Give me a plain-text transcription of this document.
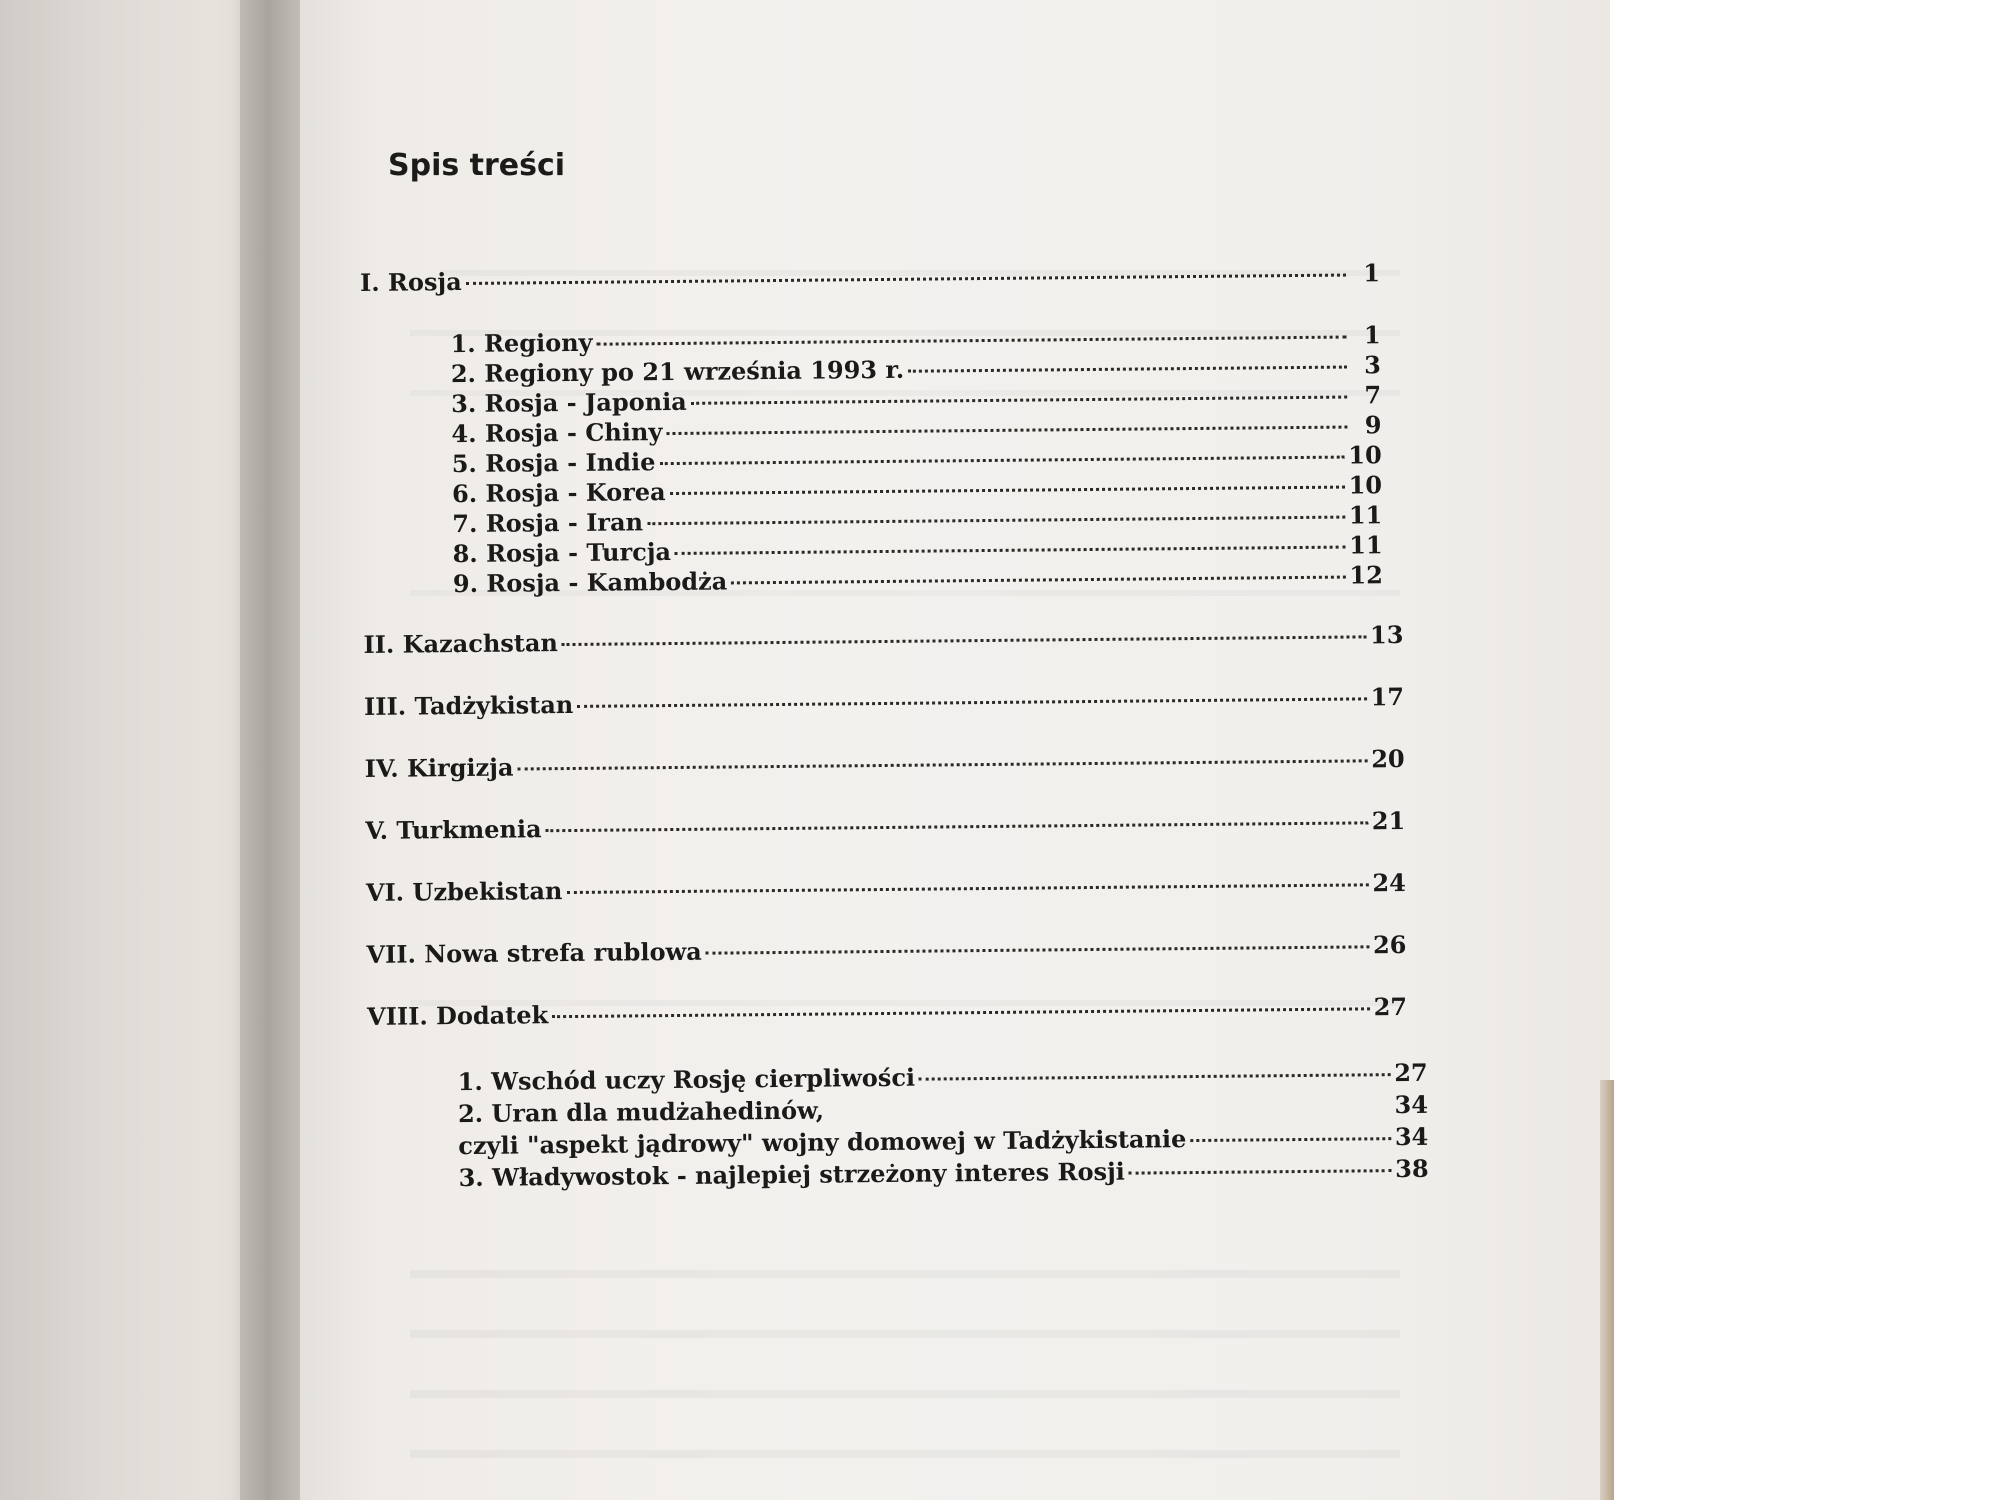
Spis treści
I. Rosja	1
1. Regiony	1
2. Regiony po 21 września 1993 r.	3
3. Rosja - Japonia	7
4. Rosja - Chiny	9
5. Rosja - Indie	10
6. Rosja - Korea	10
7. Rosja - Iran	11
8. Rosja - Turcja	11
9. Rosja - Kambodża	12
II. Kazachstan	13
III. Tadżykistan	17
IV. Kirgizja	20
V. Turkmenia	21
VI. Uzbekistan	24
VII. Nowa strefa rublowa	26
VIII. Dodatek	27
1. Wschód uczy Rosję cierpliwości	27
2. Uran dla mudżahedinów,	34
czyli "aspekt jądrowy" wojny domowej w Tadżykistanie	34
3. Władywostok - najlepiej strzeżony interes Rosji	38
